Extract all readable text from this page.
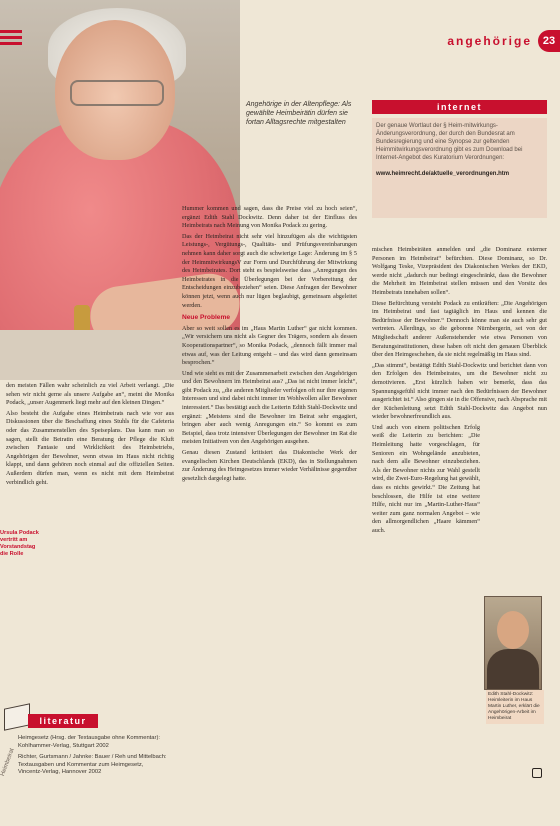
angehörige 23
Angehörige in der Altenpflege: Als gewählte Heimbeirätin dürfen sie fortan Alltagsrechte mitgestalten
internet
Der genaue Wortlaut der § Heim-mitwirkungs-Änderungsverordnung, der durch den Bundesrat am Bundesregierung und eine Synopse zur geltenden Heimmitwirkungsverordnung gibt es zum Download bei Internet-Angebot des Kuratorium Verordnungen:

www.heimrecht.de/aktuelle_verordnungen.htm

den meisten Fällen wahr scheinlich zu viel Arbeit verlangt. „Die sehen wir nicht gerne als unsere Aufgabe an“, meint die Monika Podack, „unser Augenmerk liegt mehr auf den kleinen Dingen.“

Also besteht die Aufgabe eines Heimbeirats nach wie vor aus Diskussionen über die Beschaffung eines Stuhls für die Cafeteria oder das Zusammenstellen des Speiseplans. Das kann man so sagen, stellt die Beiratin eine Beratung der Pflege die Kluft zwischen Fantasie und Wirklichkeit des Heimbetriebs, Angehörigen der Bewohner, wenn etwas im Haus nicht richtig klappt, und dann gehören noch einmal auf die offiziellen Seiten. Außerdem dürfen man, wenn es nicht mit dem Heimbeirat verbindlich geht.

Ursula Podack vertritt am Vorstandstag die Rolle

Hummer kommen und sagen, dass die Preise viel zu hoch seien“, ergänzt Edith Stahl Dockwitz. Denn daher ist der Einfluss des Heimbeirats nach Meinung von Monika Podack zu gering.

Das der Heimbeirat nicht sehr viel hinzufügen als die wichtigsten Leistungs-, Vergütungs-, Qualitäts- und Prüfungsvereinbarungen nehmen kann daher sorgt auch die schwierige Lage: Änderung im § 5 der HeimmitwirkungsV zur Form und Durchführung der Mitwirkung des Heimbeirates. Dort steht es bespielsweise dass „Anregungen des Heimbeirates in die Überlegungen bei der Vorbereitung der Entscheidungen einzubeziehen“ seien. Diese Anfragen der Bewohner können jetzt, wenn auch nur lügen beglaubigt, gemeinsam abgeleitet werden.

Neue Probleme

Aber so weit sollen es im „Haus Martin Luther“ gar nicht kommen. „Wir versichern uns nicht als Gegner des Trägers, sondern als dessen Kooperationspartner“, so Monika Podack, „dennoch fällt immer mal etwas auf, was der Leitung entgeht – und das wird dann gemeinsam besprochen.“

Und wie sieht es mit der Zusammenarbeit zwischen den Angehörigen und den Bewohnern im Heimbeirat aus? „Das ist nicht immer leicht“, gibt Podack zu, „die anderen Mitglieder verfolgen oft nur ihre eigenen Interessen und sind dabei nicht immer im Wohlwollen aller Bewohner interessiert.“ Das bestätigt auch die Leiterin Edith Stahl-Dockwitz und ergänzt: „Meistens sind die Bewohner im Beirat sehr engagiert, bringen aber auch wenig Anregungen ein.“ So kommt es zum Beispiel, dass trotz intensiver Überlegungen der Bewohner im Rat die meisten Initiativen von den Angehörigen ausgehen.

Genau diesen Zustand kritisiert das Diakonische Werk der evangelischen Kirchen Deutschlands (EKD), das in Stellungnahmen zur Änderung des Heimgesetzes immer wieder Verhältnisse gegenüber gesetzlich dargelegt hatte.

mischen Heimbeiräten anmelden und „die Dominanz externer Personen im Heimbeirat“ befürchten. Diese Dominanz, so Dr. Wolfgang Teske, Vizepräsident des Diakonischen Werkes der EKD, werde nicht „dadurch nur bedingt eingeschränkt, dass die Bewohner die Mehrheit im Heimbeirat stellen müssen und den Vorsitz des Heimbeirats innehaben sollen“.

Diese Befürchtung versteht Podack zu entkräften: „Die Angehörigen im Heimbeirat und fast tagtäglich im Haus und kennen die Bedürfnisse der Bewohner.“ Dennoch könne man sie auch sehr gut vertreten. Allerdings, so die geborene Nürnbergerin, sei von der Mitgliedschaft anderer Außenstehender wie etwa Personen von Beratungsinstitutionen, diese haben oft nicht den genauen Überblick über den Heimgeschehen, da sie nicht regelmäßig im Haus sind.

„Das stimmt“, bestätigt Edith Stahl-Dockwitz und berichtet dann von den Erfolgen des Heimbeirates, um die Bewohner nicht zu demotivieren. „Erst kürzlich haben wir bemerkt, dass das Spannungsgefühl nicht immer nach den Bedürfnissen der Bewohner ausgerichtet ist.“ Also gingen sie in die Offensive, nach Absprache mit der Küchenleitung setzt Edith Stahl-Dockwitz das Angebot nun wieder bewohnerfreundlich aus.

Und auch von einem politischen Erfolg weiß die Leiterin zu berichten: „Die Heimleitung hatte vorgeschlagen, für Senioren ein Wohngelände anzubieten, nach dem alle Bewohner einzubeziehen. Als der Bewohner nichts zur Wahl gestellt wird, die Zwei-Euro-Regelung hat gewählt, dass es nichts gewirkt.“ Die Zeitung hat beschlossen, die Hilfe ist eine weitere Hilfe, nicht nur im „Martin-Luther-Haus“ weiter zum ganz normalen Angebot – wie den allmorgendlichen „Haare kämmen“ auch.

Edith Stahl-Dockwitz: Heimleiterin im Haus Martin Luther, erklärt die Angehörigen-Arbeit im Heimbeirat
literatur

Heimgesetz (Hrsg. der Textausgabe ohne Kommentar): Kohlhammer-Verlag, Stuttgart 2002

Richter, Gurtsmann / Jahnke: Bauer / Reh und Mittelbach: Textausgaben und Kommentar zum Heimgesetz, Vincentz-Verlag, Hannover 2002

Heimbeirat
